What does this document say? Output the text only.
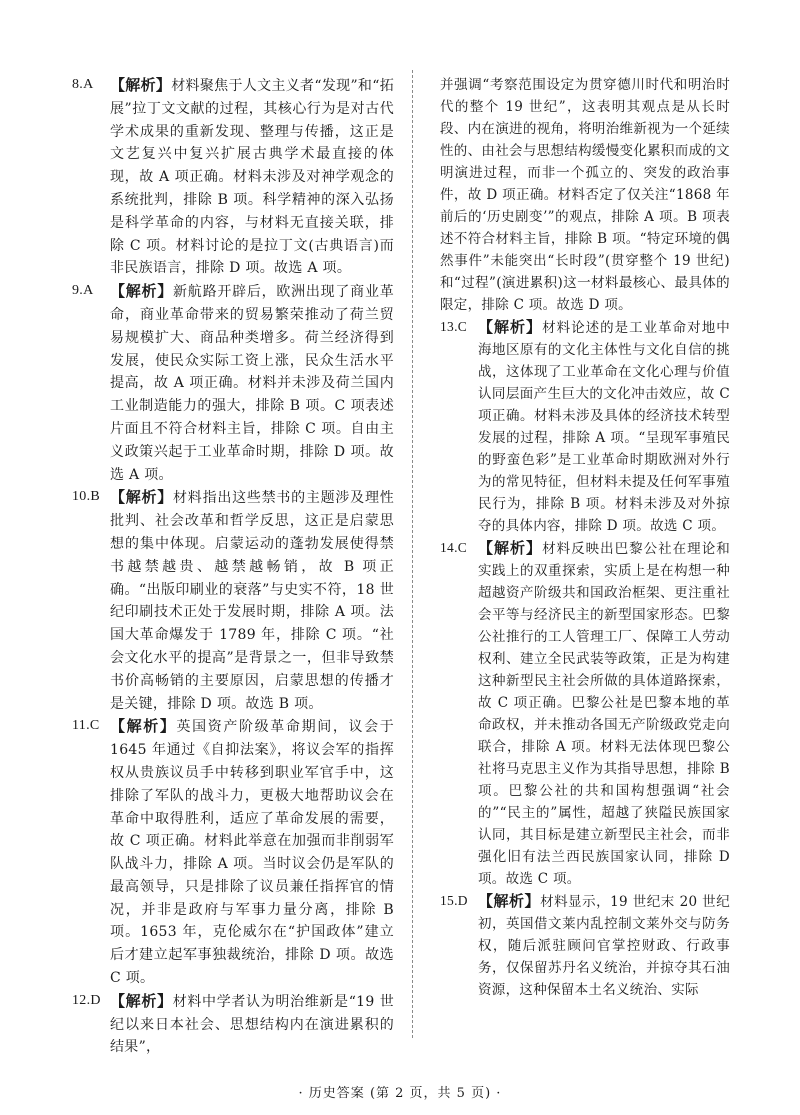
8.A	【解析】材料聚焦于人文主义者“发现”和“拓展”拉丁文文献的过程，其核心行为是对古代学术成果的重新发现、整理与传播，这正是文艺复兴中复兴扩展古典学术最直接的体现，故 A 项正确。材料未涉及对神学观念的系统批判，排除 B 项。科学精神的深入弘扬是科学革命的内容，与材料无直接关联，排除 C 项。材料讨论的是拉丁文(古典语言)而非民族语言，排除 D 项。故选 A 项。
9.A	【解析】新航路开辟后，欧洲出现了商业革命，商业革命带来的贸易繁荣推动了荷兰贸易规模扩大、商品种类增多。荷兰经济得到发展，使民众实际工资上涨，民众生活水平提高，故 A 项正确。材料并未涉及荷兰国内工业制造能力的强大，排除 B 项。C 项表述片面且不符合材料主旨，排除 C 项。自由主义政策兴起于工业革命时期，排除 D 项。故选 A 项。
10.B 【解析】材料指出这些禁书的主题涉及理性批判、社会改革和哲学反思，这正是启蒙思想的集中体现。启蒙运动的蓬勃发展使得禁书越禁越贵、越禁越畅销，故 B 项正确。“出版印刷业的衰落”与史实不符，18 世纪印刷技术正处于发展时期，排除 A 项。法国大革命爆发于 1789 年，排除 C 项。“社会文化水平的提高”是背景之一，但非导致禁书价高畅销的主要原因，启蒙思想的传播才是关键，排除 D 项。故选 B 项。
11.C 【解析】英国资产阶级革命期间，议会于 1645 年通过《自抑法案》，将议会军的指挥权从贵族议员手中转移到职业军官手中，这排除了军队的战斗力，更极大地帮助议会在革命中取得胜利，适应了革命发展的需要，故 C 项正确。材料此举意在加强而非削弱军队战斗力，排除 A 项。当时议会仍是军队的最高领导，只是排除了议员兼任指挥官的情况，并非是政府与军事力量分离，排除 B 项。1653 年，克伦威尔在“护国政体”建立后才建立起军事独裁统治，排除 D 项。故选 C 项。
12.D 【解析】材料中学者认为明治维新是“19 世纪以来日本社会、思想结构内在演进累积的结果”，

并强调“考察范围设定为贯穿德川时代和明治时代的整个 19 世纪”，这表明其观点是从长时段、内在演进的视角，将明治维新视为一个延续性的、由社会与思想结构缓慢变化累积而成的文明演进过程，而非一个孤立的、突发的政治事件，故 D 项正确。材料否定了仅关注“1868 年前后的‘历史剧变’”的观点，排除 A 项。B 项表述不符合材料主旨，排除 B 项。“特定环境的偶然事件”未能突出“长时段”(贯穿整个 19 世纪)和“过程”(演进累积)这一材料最核心、最具体的限定，排除 C 项。故选 D 项。

13.C 【解析】材料论述的是工业革命对地中海地区原有的文化主体性与文化自信的挑战，这体现了工业革命在文化心理与价值认同层面产生巨大的文化冲击效应，故 C 项正确。材料未涉及具体的经济技术转型发展的过程，排除 A 项。“呈现军事殖民的野蛮色彩”是工业革命时期欧洲对外行为的常见特征，但材料未提及任何军事殖民行为，排除 B 项。材料未涉及对外掠夺的具体内容，排除 D 项。故选 C 项。
14.C 【解析】材料反映出巴黎公社在理论和实践上的双重探索，实质上是在构想一种超越资产阶级共和国政治框架、更注重社会平等与经济民主的新型国家形态。巴黎公社推行的工人管理工厂、保障工人劳动权利、建立全民武装等政策，正是为构建这种新型民主社会所做的具体道路探索，故 C 项正确。巴黎公社是巴黎本地的革命政权，并未推动各国无产阶级政党走向联合，排除 A 项。材料无法体现巴黎公社将马克思主义作为其指导思想，排除 B 项。巴黎公社的共和国构想强调“社会的”“民主的”属性，超越了狭隘民族国家认同，其目标是建立新型民主社会，而非强化旧有法兰西民族国家认同，排除 D 项。故选 C 项。
15.D 【解析】材料显示，19 世纪末 20 世纪初，英国借文莱内乱控制文莱外交与防务权，随后派驻顾问官掌控财政、行政事务，仅保留苏丹名义统治，并掠夺其石油资源，这种保留本土名义统治、实际
· 历史答案 (第 2 页，共 5 页) ·
